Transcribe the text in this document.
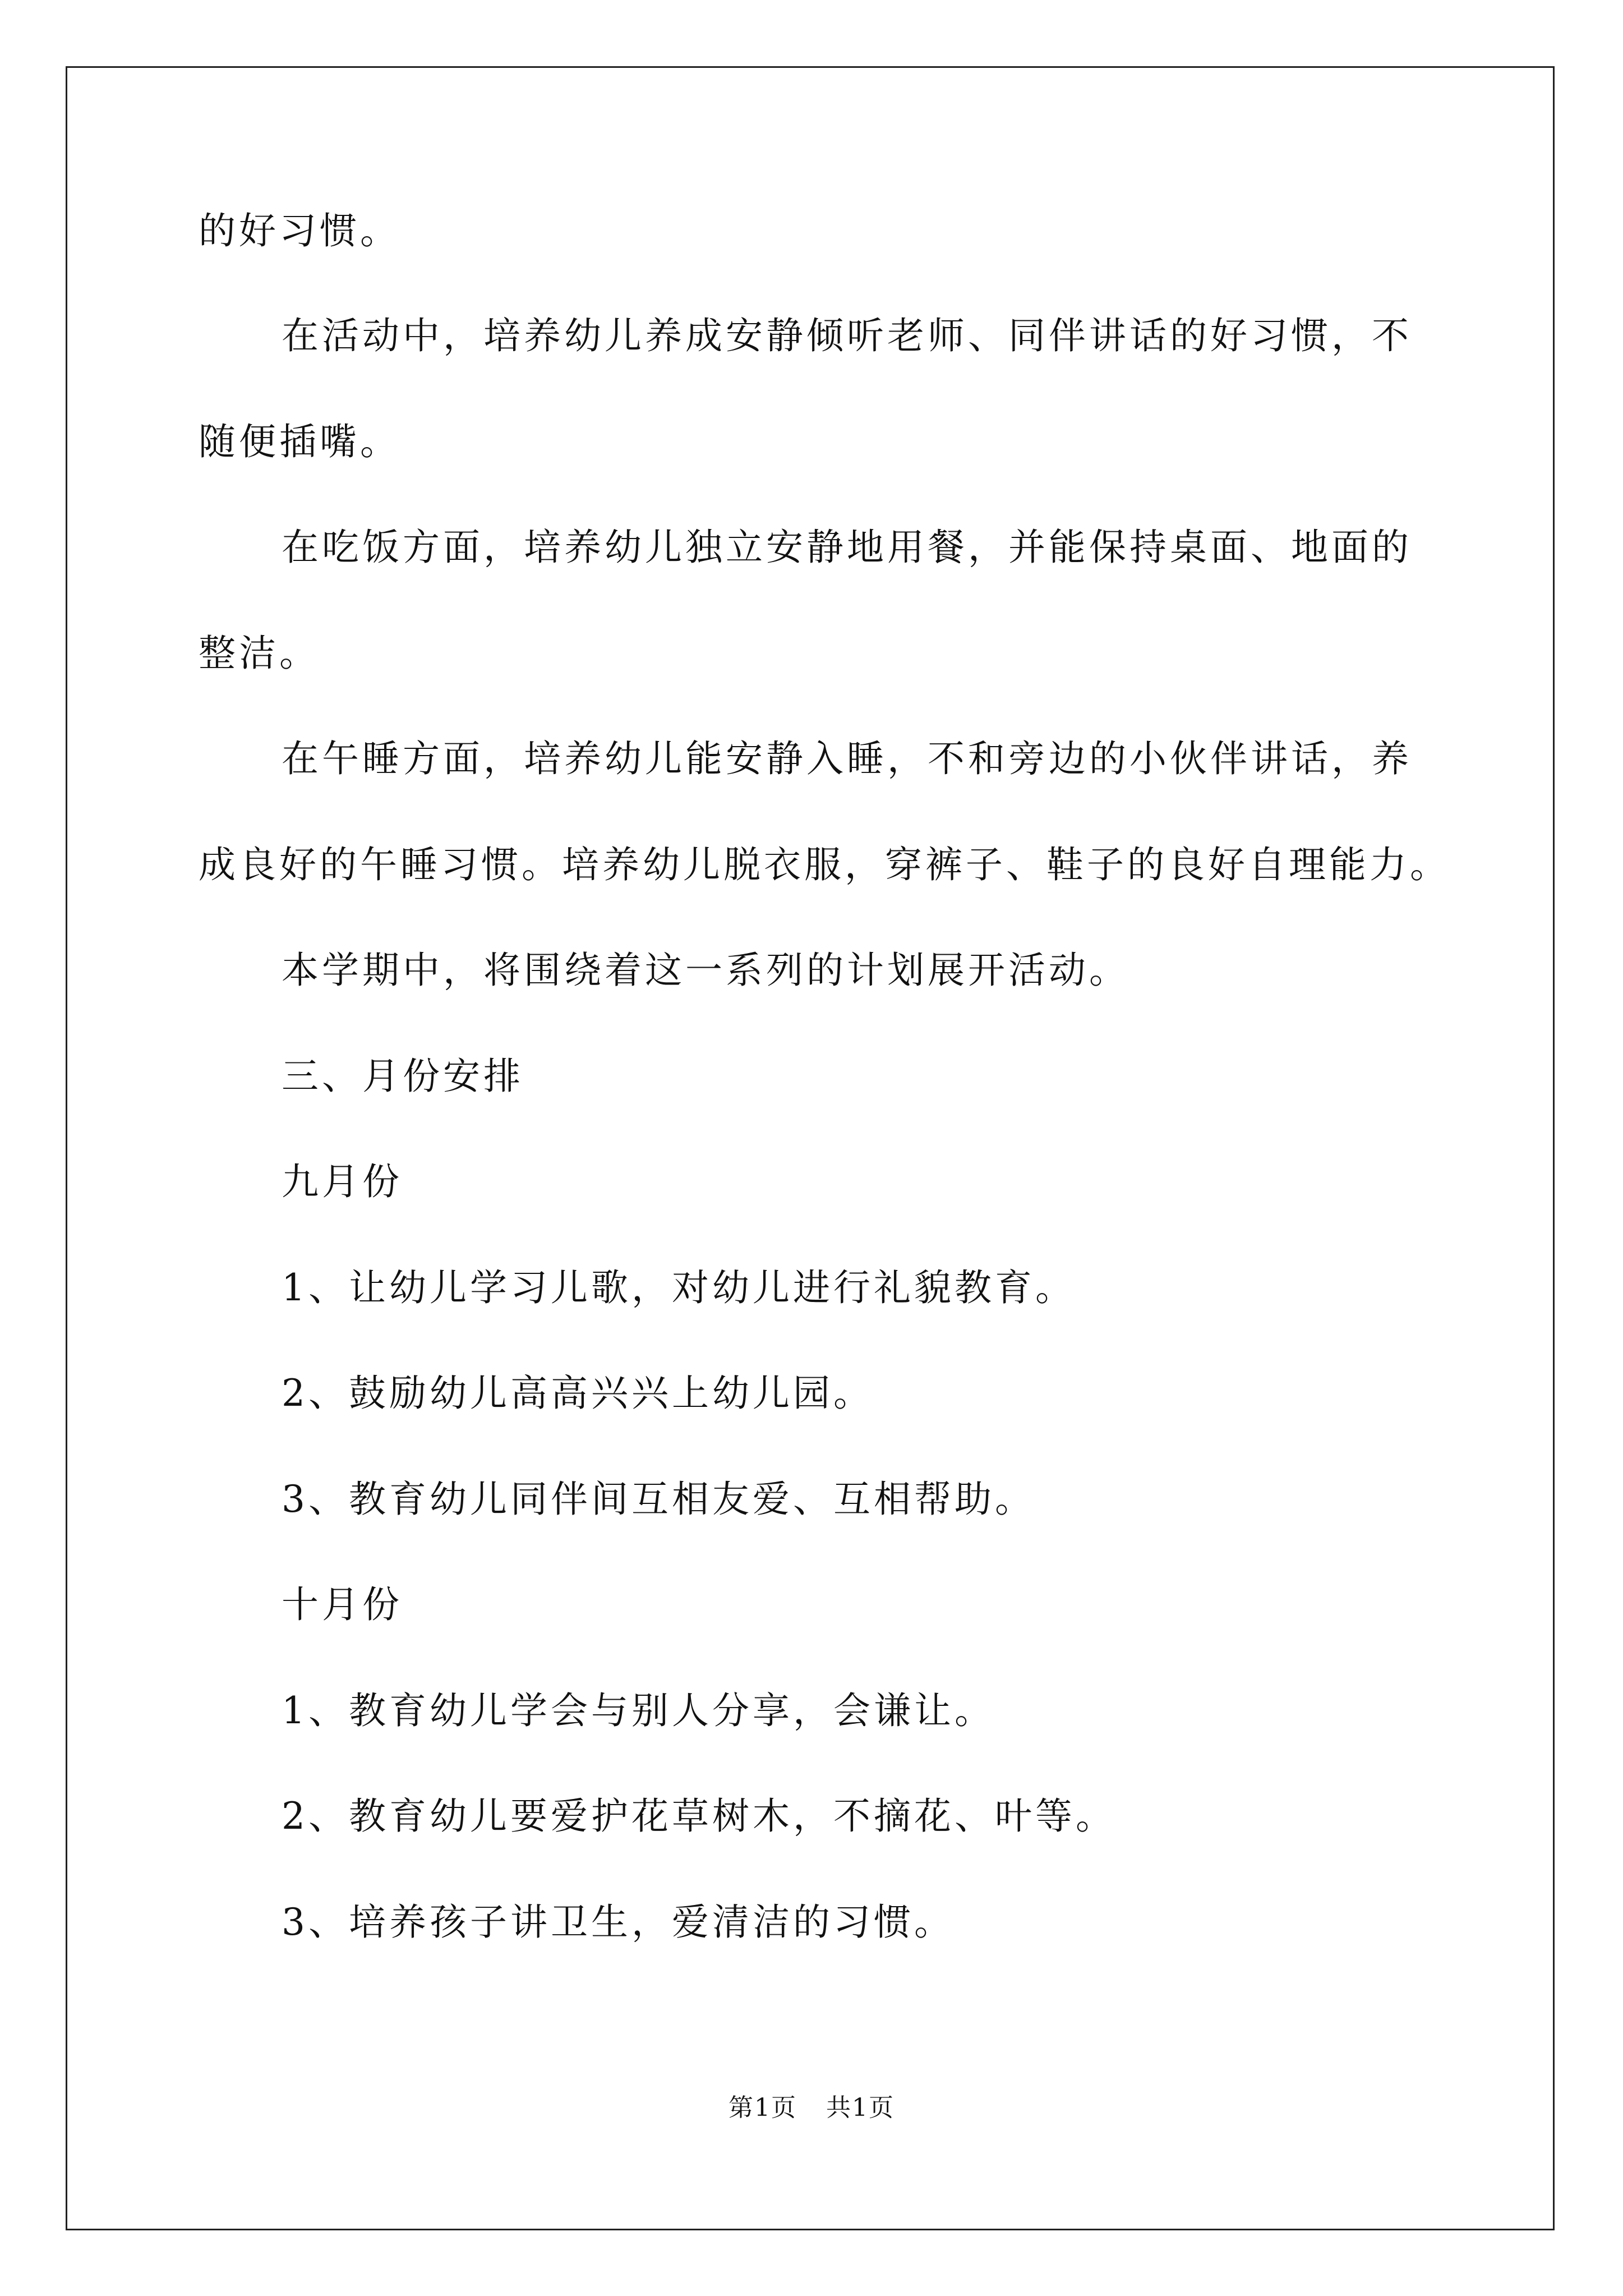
的好习惯。
在活动中，培养幼儿养成安静倾听老师、同伴讲话的好习惯，不
随便插嘴。
在吃饭方面，培养幼儿独立安静地用餐，并能保持桌面、地面的
整洁。
在午睡方面，培养幼儿能安静入睡，不和旁边的小伙伴讲话，养
成良好的午睡习惯。培养幼儿脱衣服，穿裤子、鞋子的良好自理能力。
本学期中，将围绕着这一系列的计划展开活动。
三、月份安排
九月份
1、让幼儿学习儿歌，对幼儿进行礼貌教育。
2、鼓励幼儿高高兴兴上幼儿园。
3、教育幼儿同伴间互相友爱、互相帮助。
十月份
1、教育幼儿学会与别人分享，会谦让。
2、教育幼儿要爱护花草树木，不摘花、叶等。
3、培养孩子讲卫生，爱清洁的习惯。
第1页 共1页
